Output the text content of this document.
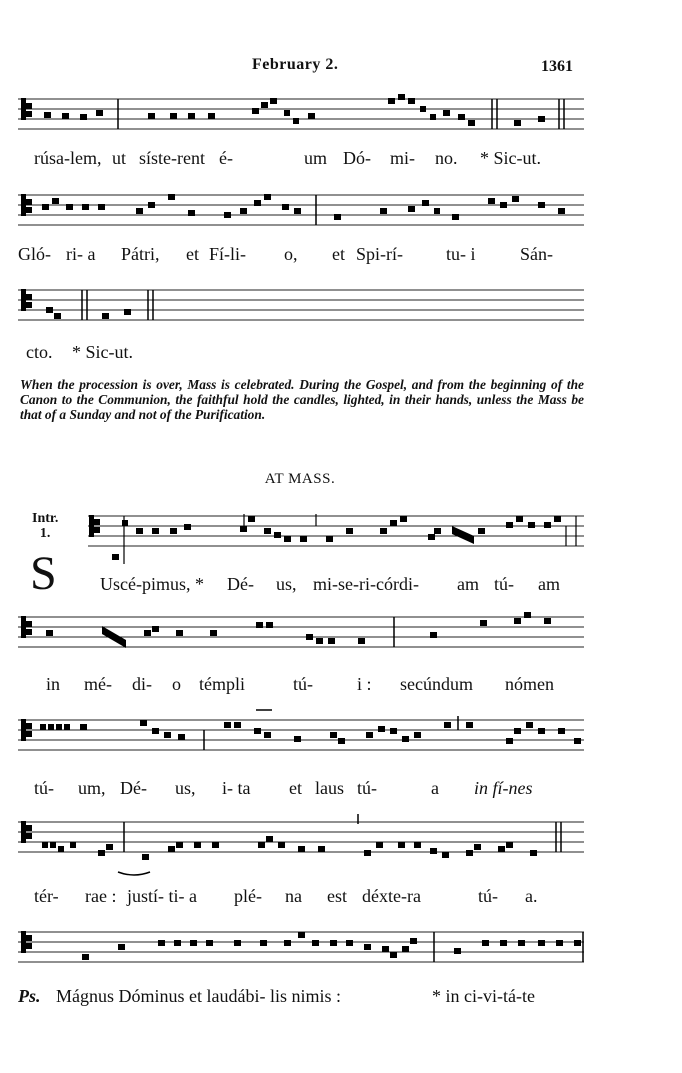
February 2.	1361
rúsa-lem, ut síste-rent é-	um Dó- mi- no. * Sic-ut.
Gló- ri- a Pátri, et Fí-li- o, et Spi-rí- tu- i Sán-
cto. * Sic-ut.
When the procession is over, Mass is celebrated. During the Gospel, and from the beginning of the Canon to the Communion, the faithful hold the candles, lighted, in their hands, unless the Mass be that of a Sunday and not of the Purification.
AT MASS.
Intr.
1.
S Uscé-pimus, * Dé- us, mi-se-ri-córdi- am tú- am
in mé- di- o témpli	tú- i : secúndum nómen
tú- um, Dé- us, i- ta et laus tú-	a in fí-nes
tér- rae : justí- ti- a plé- na est déxte-ra	tú- a.
Ps. Mágnus Dóminus et laudábi- lis nimis :	* in ci-vi-tá-te
